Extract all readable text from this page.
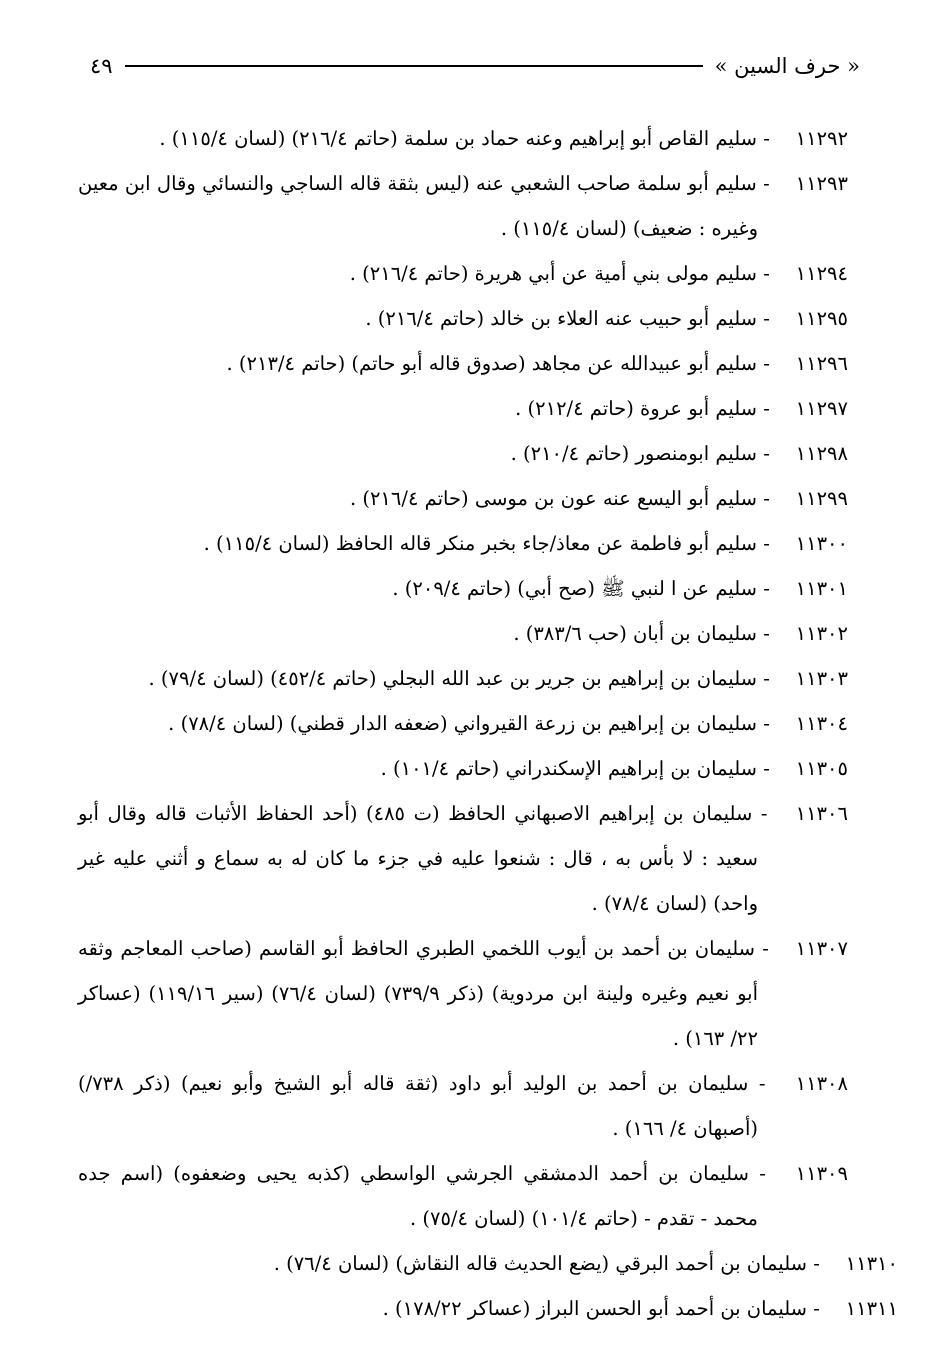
« حرف السين »
٤٩
١١٢٩٢ - سليم القاص أبو إبراهيم وعنه حماد بن سلمة (حاتم ٢١٦/٤) (لسان ١١٥/٤) .
١١٢٩٣ - سليم أبو سلمة صاحب الشعبي عنه (ليس بثقة قاله الساجي والنسائي وقال ابن معين وغيره : ضعيف) (لسان ١١٥/٤) .
١١٢٩٤ - سليم مولى بني أمية عن أبي هريرة (حاتم ٢١٦/٤) .
١١٢٩٥ - سليم أبو حبيب عنه العلاء بن خالد (حاتم ٢١٦/٤) .
١١٢٩٦ - سليم أبو عبيدالله عن مجاهد (صدوق قاله أبو حاتم) (حاتم ٢١٣/٤) .
١١٢٩٧ - سليم أبو عروة (حاتم ٢١٢/٤) .
١١٢٩٨ - سليم ابومنصور (حاتم ٢١٠/٤) .
١١٢٩٩ - سليم أبو اليسع عنه عون بن موسى (حاتم ٢١٦/٤) .
١١٣٠٠ - سليم أبو فاطمة عن معاذ/جاء بخبر منكر قاله الحافظ (لسان ١١٥/٤) .
١١٣٠١ - سليم عن ا لنبي ﷺ (صح أبي) (حاتم ٢٠٩/٤) .
١١٣٠٢ - سليمان بن أبان (حب ٣٨٣/٦) .
١١٣٠٣ - سليمان بن إبراهيم بن جرير بن عبد الله البجلي (حاتم ٤٥٢/٤) (لسان ٧٩/٤) .
١١٣٠٤ - سليمان بن إبراهيم بن زرعة القيرواني (ضعفه الدار قطني) (لسان ٧٨/٤) .
١١٣٠٥ - سليمان بن إبراهيم الإسكندراني (حاتم ١٠١/٤) .
١١٣٠٦ - سليمان بن إبراهيم الاصبهاني الحافظ (ت ٤٨٥) (أحد الحفاظ الأثبات قاله وقال أبو سعيد : لا بأس به ، قال : شنعوا عليه في جزء ما كان له به سماع و أثني عليه غير واحد) (لسان ٧٨/٤) .
١١٣٠٧ - سليمان بن أحمد بن أيوب اللخمي الطبري الحافظ أبو القاسم (صاحب المعاجم وثقه أبو نعيم وغيره ولينة ابن مردوية) (ذكر ٧٣٩/٩) (لسان ٧٦/٤) (سير ١١٩/١٦) (عساكر ٢٢/ ١٦٣) .
١١٣٠٨ - سليمان بن أحمد بن الوليد أبو داود (ثقة قاله أبو الشيخ وأبو نعيم) (ذكر ٧٣٨/) (أصبهان ٤/ ١٦٦) .
١١٣٠٩ - سليمان بن أحمد الدمشقي الجرشي الواسطي (كذبه يحيى وضعفوه) (اسم جده محمد - تقدم - (حاتم ١٠١/٤) (لسان ٧٥/٤) .
١١٣١٠ - سليمان بن أحمد البرقي (يضع الحديث قاله النقاش) (لسان ٧٦/٤) .
١١٣١١ - سليمان بن أحمد أبو الحسن البراز (عساكر ١٧٨/٢٢) .
